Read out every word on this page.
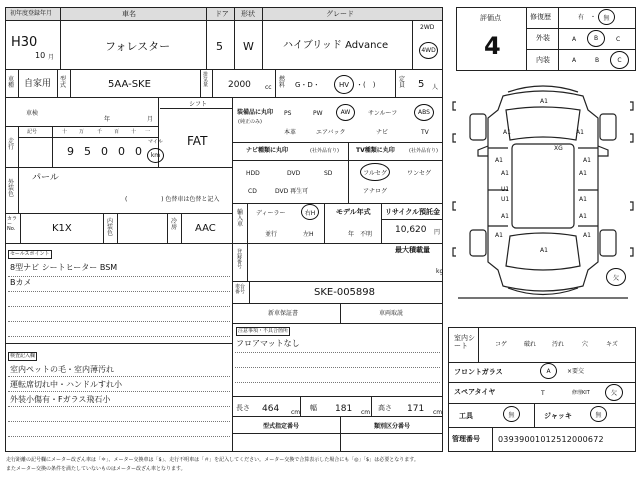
初年度登録年月	車名	ドア 形状	グレード
H30
10 月
フォレスター	5 W	ハイブリッド Advance
2WD
4WD
車種 自家用 型式	5AA-SKE
排気量 2000 cc
燃料 G・D・	HV ・(　)
定員 5 人
車検
年	月
シフト
FAT
走行
記号	十 万	千 百 十 一
9 5 0 0 0
マイル
km
外装色
パール
( 　　　　　 ) 色替車は色替と記入
カラーNo.	K1X
内装色
冷房 AAC
セールスポイント
8型ナビ シートヒーター BSM
Bカメ
検査記入欄
室内ペットの毛・室内薄汚れ
運転席切れ中・ハンドルすれ小
外装小傷有・Fガラス飛石小
装備品に丸印
(純正のみ)
PS	PW	AW	サンルーフ	ABS
本革	エアバック	ナビ	TV
ナビ種類に丸印	(社外品有り)	TV種類に丸印	(社外品有り)
HDD	DVD	SD
CD	DVD 再生可
フルセグ	ワンセグ
アナログ
輸入車
ディーラー	右H
並行	左H
モデル年式
年　不明
リサイクル預託金
10,620 円
登録番号
最大積載量
kg
車台番号	SKE-005898
新車保証書	車両取説
注意事項・不具合箇所
フロアマットなし
長さ 464 cm
幅 181 cm
高さ 171 cm
型式指定番号	類別区分番号
評価点
4
修復歴	有 ・	無
外装	A	B	C
内装	A	B	C
A1
A1	A1
A1	A1
A1
U1
U1
A1
A1
A1	A1
A1	A1
A1
XG
欠
室内シート	コゲ	破れ	汚れ	穴	キズ
フロントガラス	A	×要交
スペアタイヤ	T	修理KIT	欠
工具	無	ジャッキ	無
管理番号 03939001012512000672
走行距離の記号欄にメーター改ざん車は「＊」、メーター交換車は「$」、走行不明車は「＃」を記入してください。メーター交換で合算表示した場合にも「◎」「$」は必要となります。
またメーター交換の条件を満たしていないものはメーター改ざん車となります。
